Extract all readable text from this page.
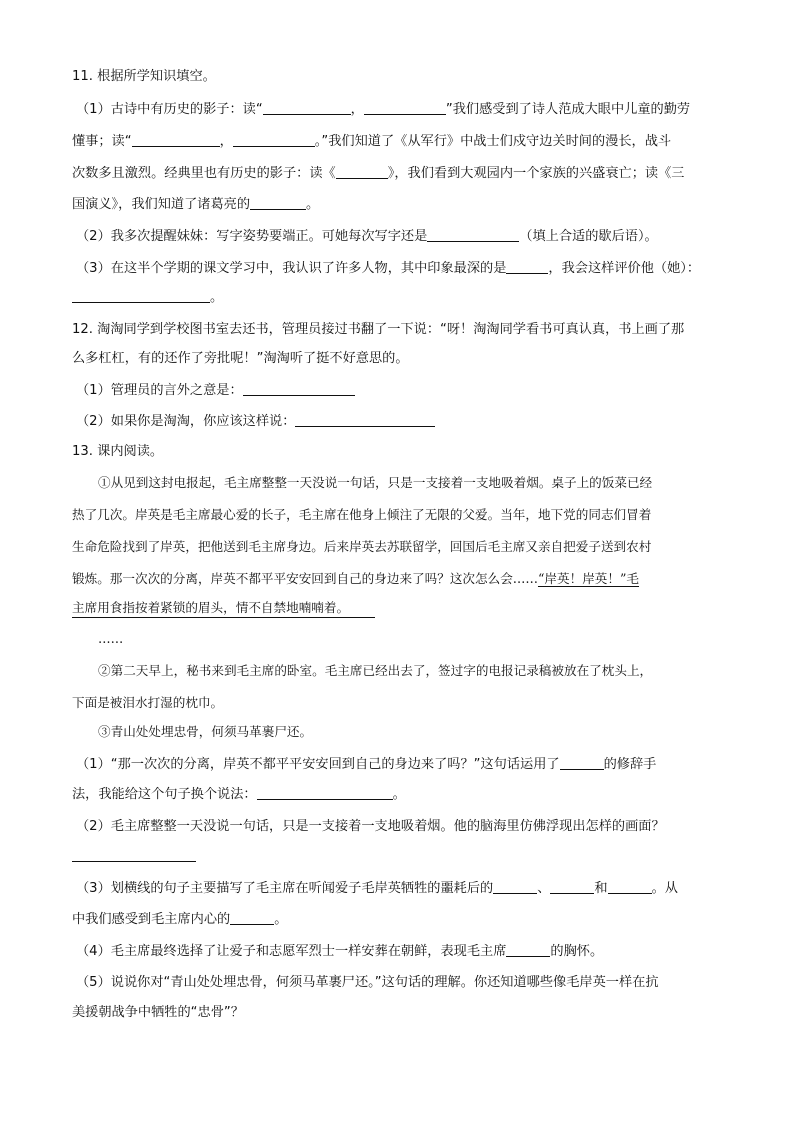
11. 根据所学知识填空。
（1）古诗中有历史的影子：读“	，	”我们感受到了诗人范成大眼中儿童的勤劳
懂事；读“	，	。”我们知道了《从军行》中战士们戍守边关时间的漫长，战斗
次数多且激烈。经典里也有历史的影子：读《	》，我们看到大观园内一个家族的兴盛衰亡；读《三
国演义》，我们知道了诸葛亮的	。
（2）我多次提醒妹妹：写字姿势要端正。可她每次写字还是	（填上合适的歇后语）。
（3）在这半个学期的课文学习中，我认识了许多人物，其中印象最深的是	，我会这样评价他（她）：
。
12. 淘淘同学到学校图书室去还书，管理员接过书翻了一下说：“呀！淘淘同学看书可真认真，书上画了那
么多杠杠，有的还作了旁批呢！”淘淘听了挺不好意思的。
（1）管理员的言外之意是：
（2）如果你是淘淘，你应该这样说：
13. 课内阅读。
①从见到这封电报起，毛主席整整一天没说一句话，只是一支接着一支地吸着烟。桌子上的饭菜已经
热了几次。岸英是毛主席最心爱的长子，毛主席在他身上倾注了无限的父爱。当年，地下党的同志们冒着
生命危险找到了岸英，把他送到毛主席身边。后来岸英去苏联留学，回国后毛主席又亲自把爱子送到农村
锻炼。那一次次的分离，岸英不都平平安安回到自己的身边来了吗？这次怎么会……“岸英！岸英！”毛
主席用食指按着紧锁的眉头，情不自禁地喃喃着。
……
②第二天早上，秘书来到毛主席的卧室。毛主席已经出去了，签过字的电报记录稿被放在了枕头上，
下面是被泪水打湿的枕巾。
③青山处处埋忠骨，何须马革裹尸还。
（1）“那一次次的分离，岸英不都平平安安回到自己的身边来了吗？”这句话运用了	的修辞手
法，我能给这个句子换个说法：	。
（2）毛主席整整一天没说一句话，只是一支接着一支地吸着烟。他的脑海里仿佛浮现出怎样的画面？
（3）划横线的句子主要描写了毛主席在听闻爱子毛岸英牺牲的噩耗后的	、	和	。从
中我们感受到毛主席内心的	。
（4）毛主席最终选择了让爱子和志愿军烈士一样安葬在朝鲜，表现毛主席	的胸怀。
（5）说说你对“青山处处埋忠骨，何须马革裹尸还。”这句话的理解。你还知道哪些像毛岸英一样在抗
美援朝战争中牺牲的“忠骨”？
